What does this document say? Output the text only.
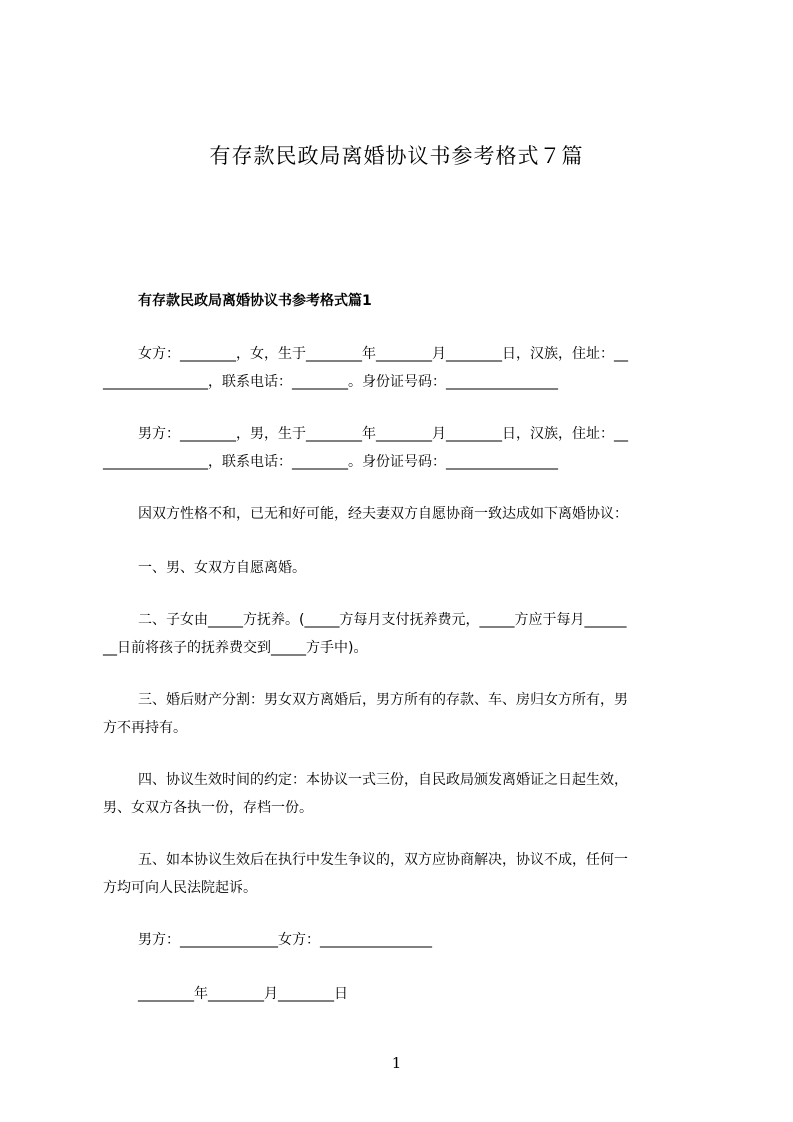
有存款民政局离婚协议书参考格式７篇
有存款民政局离婚协议书参考格式篇1
女方：________，女，生于________年________月________日，汉族，住址：__
_______________，联系电话：________。身份证号码：________________
男方：________，男，生于________年________月________日，汉族，住址：__
_______________，联系电话：________。身份证号码：________________
因双方性格不和，已无和好可能，经夫妻双方自愿协商一致达成如下离婚协议：
一、男、女双方自愿离婚。
二、子女由_____方抚养。(_____方每月支付抚养费元，_____方应于每月______
__日前将孩子的抚养费交到_____方手中)。
三、婚后财产分割：男女双方离婚后，男方所有的存款、车、房归女方所有，男
方不再持有。
四、协议生效时间的约定：本协议一式三份，自民政局颁发离婚证之日起生效，
男、女双方各执一份，存档一份。
五、如本协议生效后在执行中发生争议的，双方应协商解决，协议不成，任何一
方均可向人民法院起诉。
男方：______________女方：________________
________年________月________日
1
